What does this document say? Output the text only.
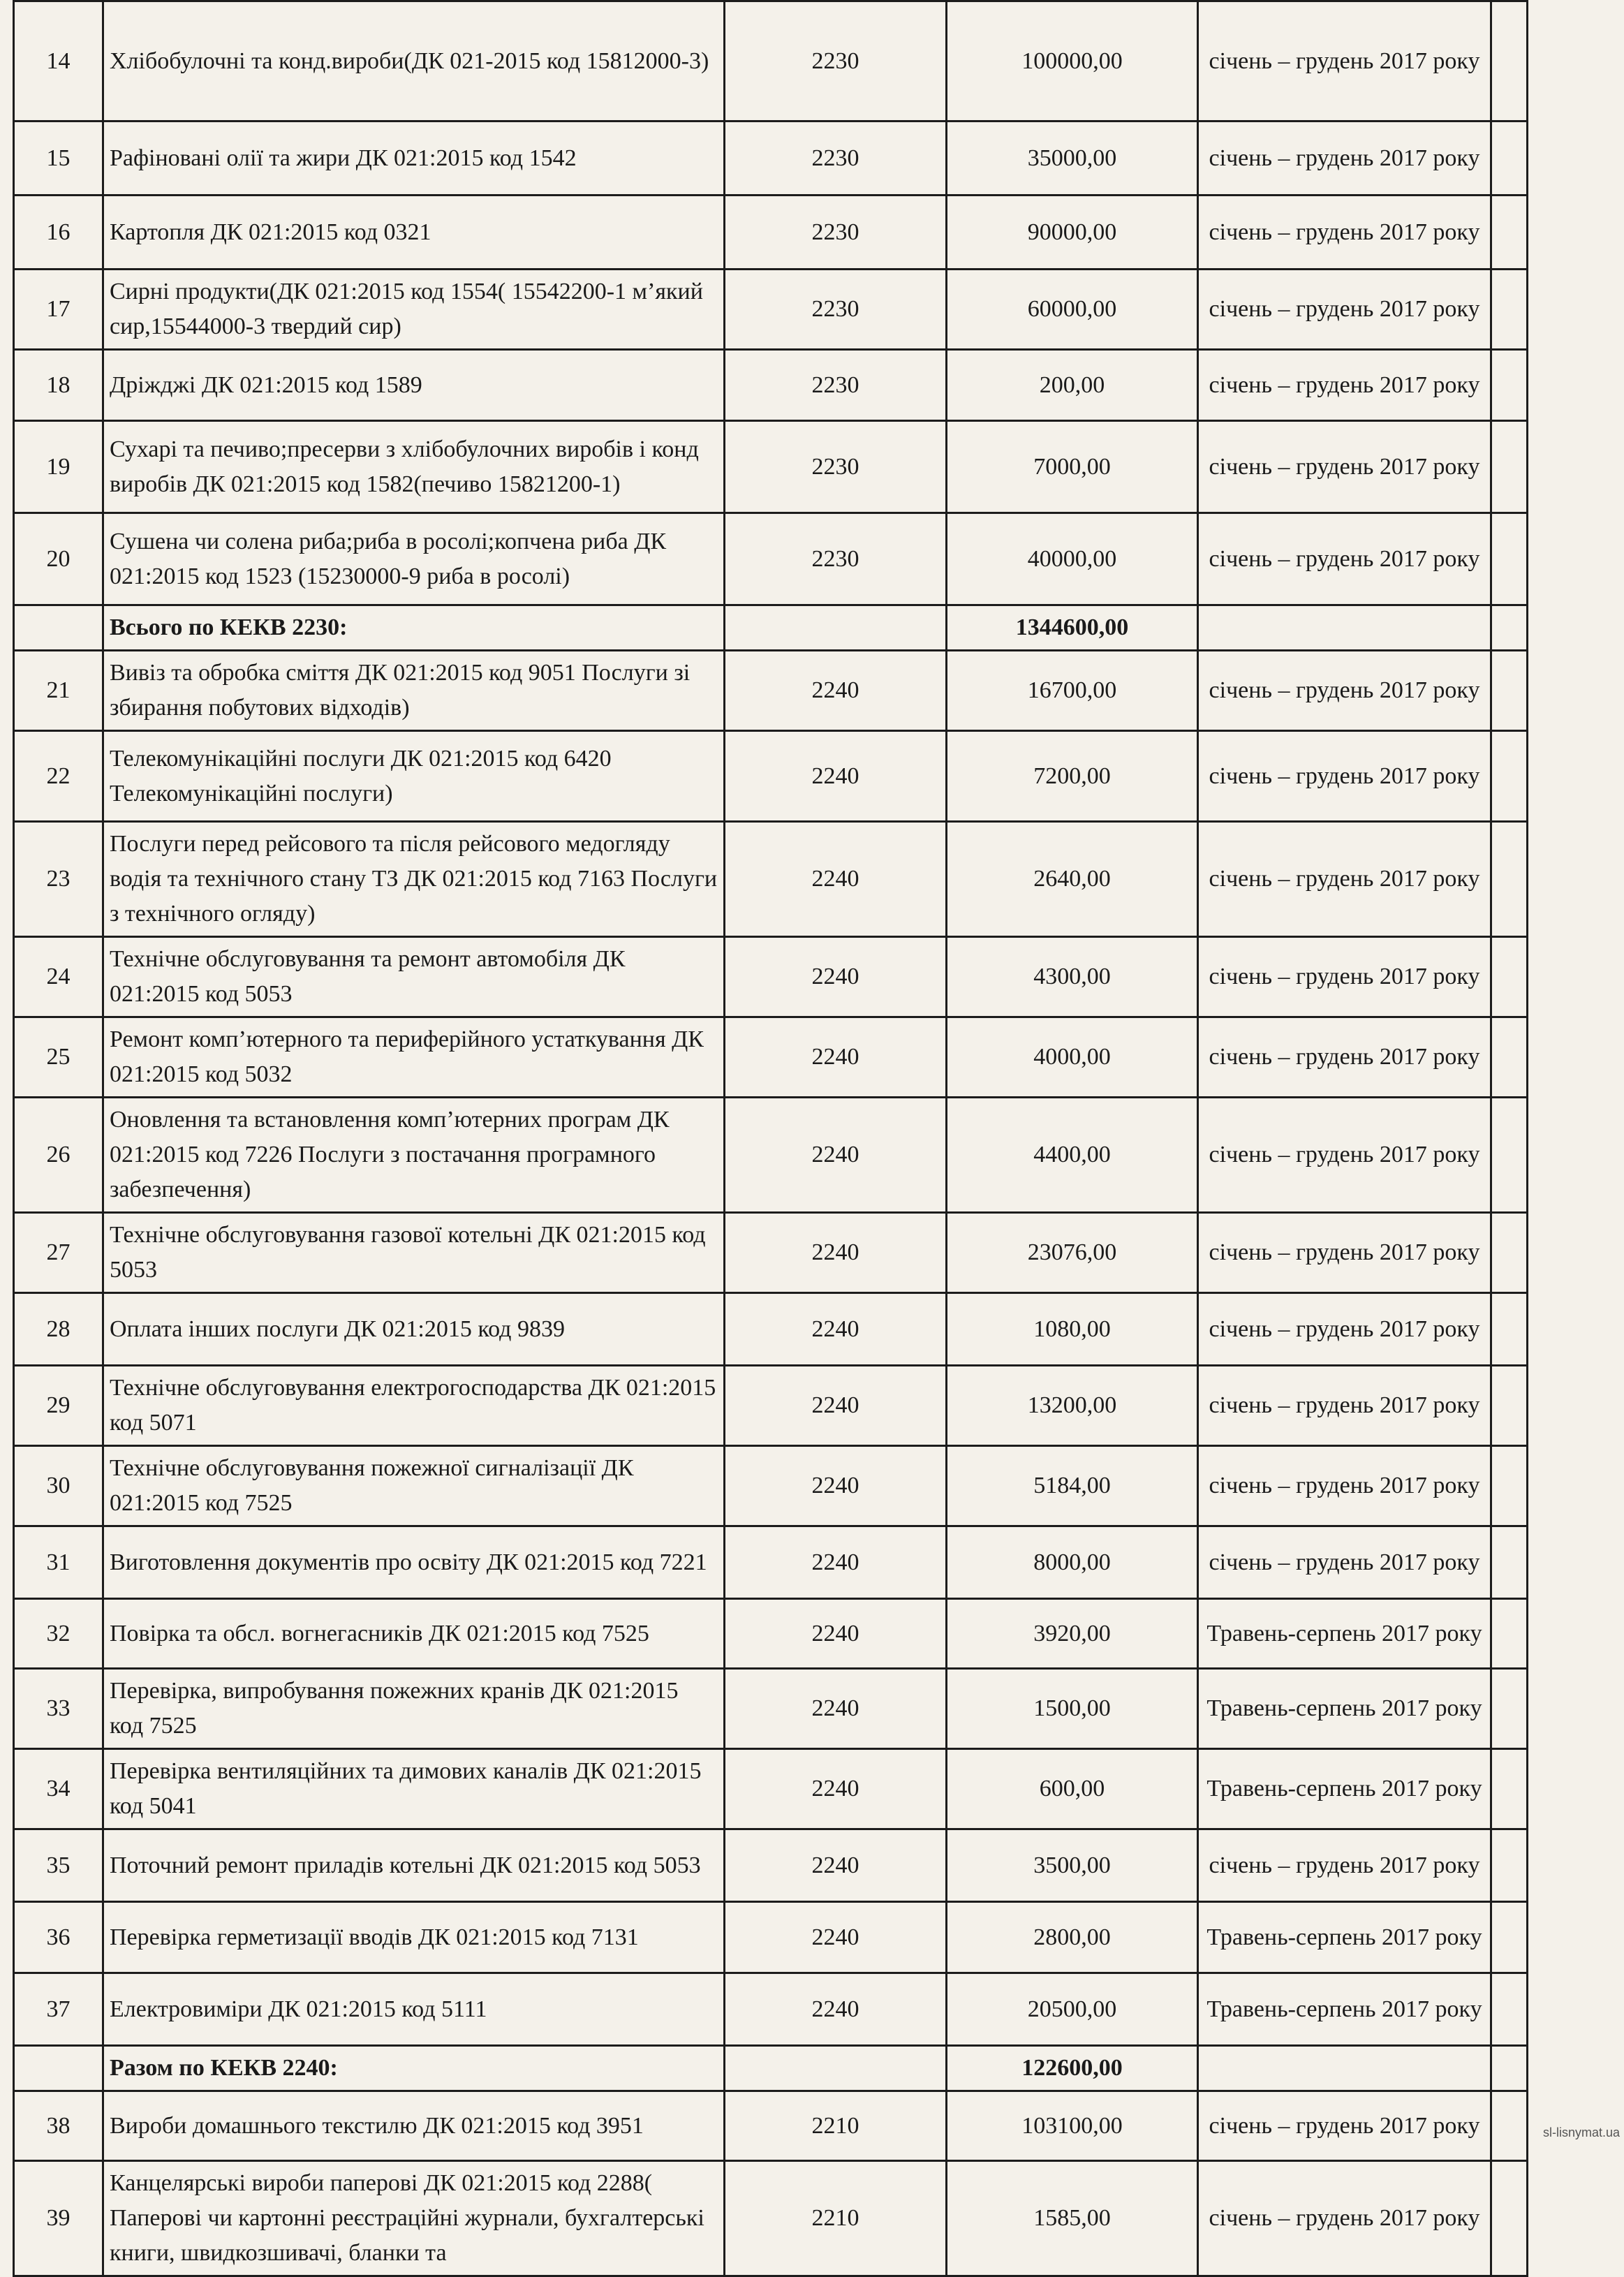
14	Хлібобулочні та конд.вироби(ДК 021-2015 код 15812000-3)	2230	100000,00	січень – грудень 2017 року	
15	Рафіновані олії та жири ДК 021:2015 код 1542	2230	35000,00	січень – грудень 2017 року	
16	Картопля ДК 021:2015 код 0321	2230	90000,00	січень – грудень 2017 року	
17	Сирні продукти(ДК 021:2015 код 1554( 15542200-1 м’який сир,15544000-3 твердий сир)	2230	60000,00	січень – грудень 2017 року	
18	Дріжджі ДК 021:2015 код 1589	2230	200,00	січень – грудень 2017 року	
19	Сухарі та печиво;пресерви з хлібобулочних виробів і конд виробів ДК 021:2015 код 1582(печиво 15821200-1)	2230	7000,00	січень – грудень 2017 року	
20	Сушена чи солена риба;риба в росолі;копчена риба ДК 021:2015 код 1523 (15230000-9 риба в росолі)	2230	40000,00	січень – грудень 2017 року	
	Всього по КЕКВ 2230:		1344600,00		
21	Вивіз та обробка сміття ДК 021:2015 код 9051 Послуги зі збирання побутових відходів)	2240	16700,00	січень – грудень 2017 року	
22	Телекомунікаційні послуги ДК 021:2015 код 6420 Телекомунікаційні послуги)	2240	7200,00	січень – грудень 2017 року	
23	Послуги перед рейсового та після рейсового медогляду водія та технічного стану ТЗ ДК 021:2015 код 7163 Послуги з технічного огляду)	2240	2640,00	січень – грудень 2017 року	
24	Технічне обслуговування та ремонт автомобіля ДК 021:2015 код 5053	2240	4300,00	січень – грудень 2017 року	
25	Ремонт комп’ютерного та периферійного устаткування ДК 021:2015 код 5032	2240	4000,00	січень – грудень 2017 року	
26	Оновлення та встановлення комп’ютерних програм ДК 021:2015 код 7226 Послуги з постачання програмного забезпечення)	2240	4400,00	січень – грудень 2017 року	
27	Технічне обслуговування газової котельні ДК 021:2015 код 5053	2240	23076,00	січень – грудень 2017 року	
28	Оплата інших послуги ДК 021:2015 код 9839	2240	1080,00	січень – грудень 2017 року	
29	Технічне обслуговування електрогосподарства ДК 021:2015 код 5071	2240	13200,00	січень – грудень 2017 року	
30	Технічне обслуговування пожежної сигналізації ДК 021:2015 код 7525	2240	5184,00	січень – грудень 2017 року	
31	Виготовлення документів про освіту ДК 021:2015 код 7221	2240	8000,00	січень – грудень 2017 року	
32	Повірка та обсл. вогнегасників ДК 021:2015 код 7525	2240	3920,00	Травень-серпень 2017 року	
33	Перевірка, випробування пожежних кранів ДК 021:2015 код 7525	2240	1500,00	Травень-серпень 2017 року	
34	Перевірка вентиляційних та димових каналів ДК 021:2015 код 5041	2240	600,00	Травень-серпень 2017 року	
35	Поточний ремонт приладів котельні ДК 021:2015 код 5053	2240	3500,00	січень – грудень 2017 року	
36	Перевірка герметизації вводів ДК 021:2015 код 7131	2240	2800,00	Травень-серпень 2017 року	
37	Електровиміри ДК 021:2015 код 5111	2240	20500,00	Травень-серпень 2017 року	
	Разом по КЕКВ 2240:		122600,00		
38	Вироби домашнього текстилю ДК 021:2015 код 3951	2210	103100,00	січень – грудень 2017 року	
39	Канцелярські вироби паперові ДК 021:2015 код 2288( Паперові чи картонні реєстраційні журнали, бухгалтерські книги, швидкозшивачі, бланки та	2210	1585,00	січень – грудень 2017 року	
sl-lisnymat.ua
